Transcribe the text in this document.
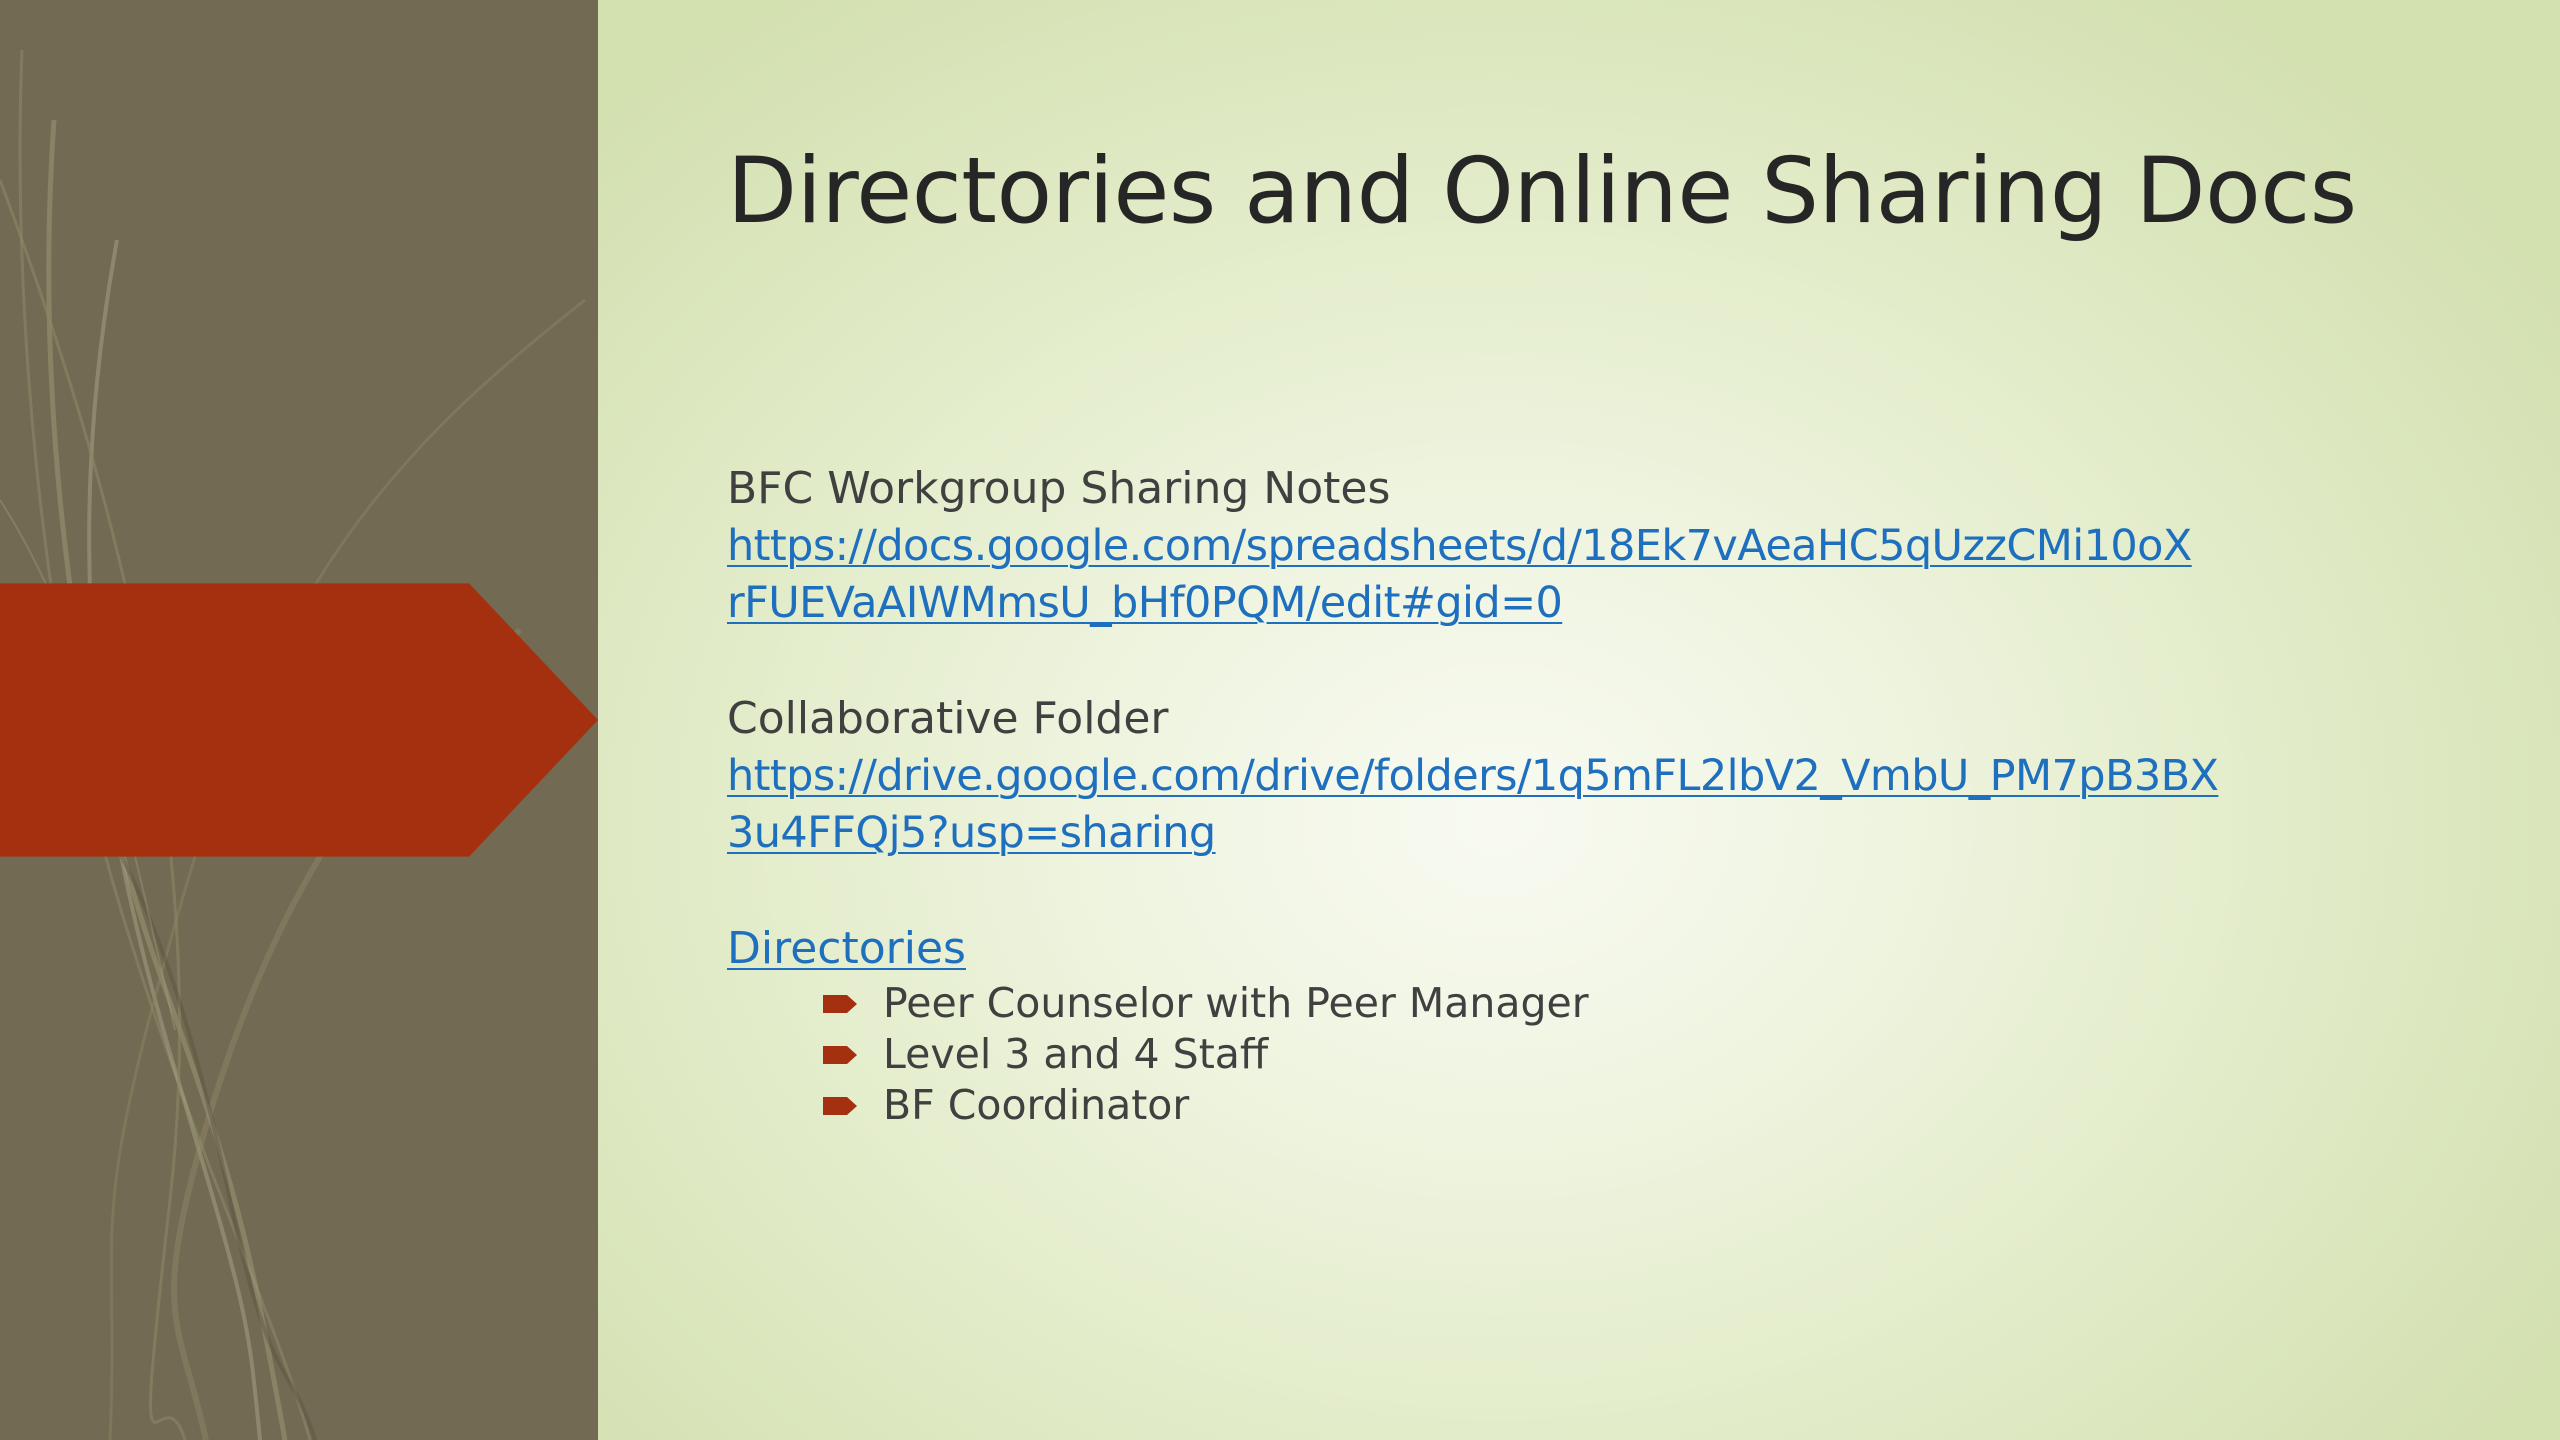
Directories and Online Sharing Docs
BFC Workgroup Sharing Notes
https://docs.google.com/spreadsheets/d/18Ek7vAeaHC5qUzzCMi10oX
rFUEVaAIWMmsU_bHf0PQM/edit#gid=0
Collaborative Folder
https://drive.google.com/drive/folders/1q5mFL2lbV2_VmbU_PM7pB3BX
3u4FFQj5?usp=sharing
Directories
Peer Counselor with Peer Manager
Level 3 and 4 Staff
BF Coordinator
